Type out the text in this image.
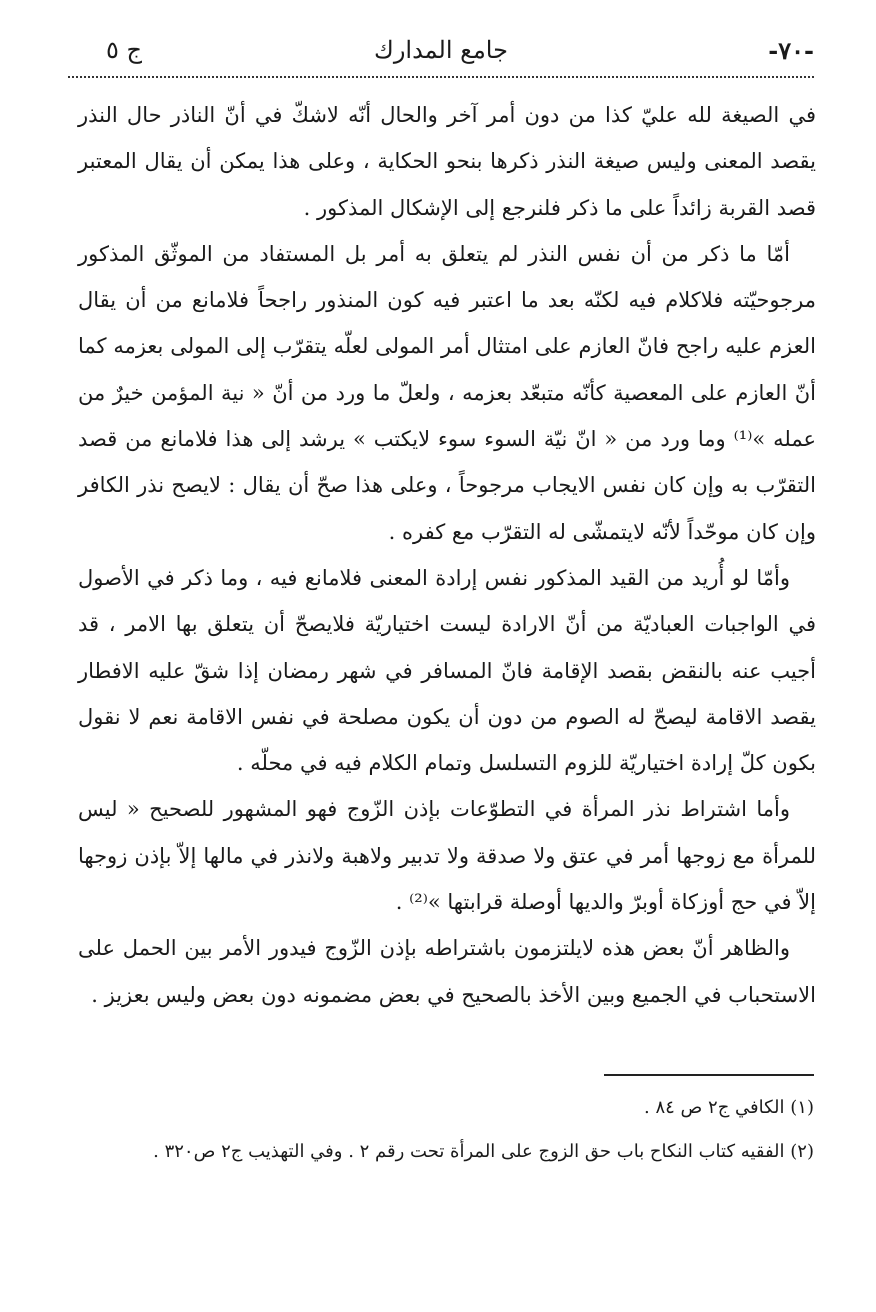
ج ٥	جامع المدارك	-٧٠-

في الصيغة لله عليّ كذا من دون أمر آخر والحال أنّه لاشكّ في أنّ الناذر حال النذر يقصد المعنى وليس صيغة النذر ذكرها بنحو الحكاية ، وعلى هذا يمكن أن يقال المعتبر قصد القربة زائداً على ما ذكر فلنرجع إلى الإشكال المذكور .

أمّا ما ذكر من أن نفس النذر لم يتعلق به أمر بل المستفاد من الموثّق المذكور مرجوحيّته فلاكلام فيه لكنّه بعد ما اعتبر فيه كون المنذور راجحاً فلامانع من أن يقال العزم عليه راجح فانّ العازم على امتثال أمر المولى لعلّه يتقرّب إلى المولى بعزمه كما أنّ العازم على المعصية كأنّه متبعّد بعزمه ، ولعلّ ما ورد من أنّ « نية المؤمن خيرٌ من عمله »⁽¹⁾ وما ورد من « انّ نيّة السوء سوء لايكتب » يرشد إلى هذا فلامانع من قصد التقرّب به وإن كان نفس الايجاب مرجوحاً ، وعلى هذا صحّ أن يقال : لايصح نذر الكافر وإن كان موحّداً لأنّه لايتمشّى له التقرّب مع كفره .

وأمّا لو أُريد من القيد المذكور نفس إرادة المعنى فلامانع فيه ، وما ذكر في الأصول في الواجبات العباديّة من أنّ الارادة ليست اختياريّة فلايصحّ أن يتعلق بها الامر ، قد أجيب عنه بالنقض بقصد الإقامة فانّ المسافر في شهر رمضان إذا شقّ عليه الافطار يقصد الاقامة ليصحّ له الصوم من دون أن يكون مصلحة في نفس الاقامة نعم لا نقول بكون كلّ إرادة اختياريّة للزوم التسلسل وتمام الكلام فيه في محلّه .

وأما اشتراط نذر المرأة في التطوّعات بإذن الزّوج فهو المشهور للصحيح « ليس للمرأة مع زوجها أمر في عتق ولا صدقة ولا تدبير ولاهبة ولانذر في مالها إلاّ بإذن زوجها إلاّ في حج أوزكاة أوبرّ والديها أوصلة قرابتها »⁽²⁾ .

والظاهر أنّ بعض هذه لايلتزمون باشتراطه بإذن الزّوج فيدور الأمر بين الحمل على الاستحباب في الجميع وبين الأخذ بالصحيح في بعض مضمونه دون بعض وليس بعزيز .

(١) الكافي ج٢ ص ٨٤ .

(٢) الفقيه كتاب النكاح باب حق الزوج على المرأة تحت رقم ٢ . وفي التهذيب ج٢ ص٣٢٠ .
